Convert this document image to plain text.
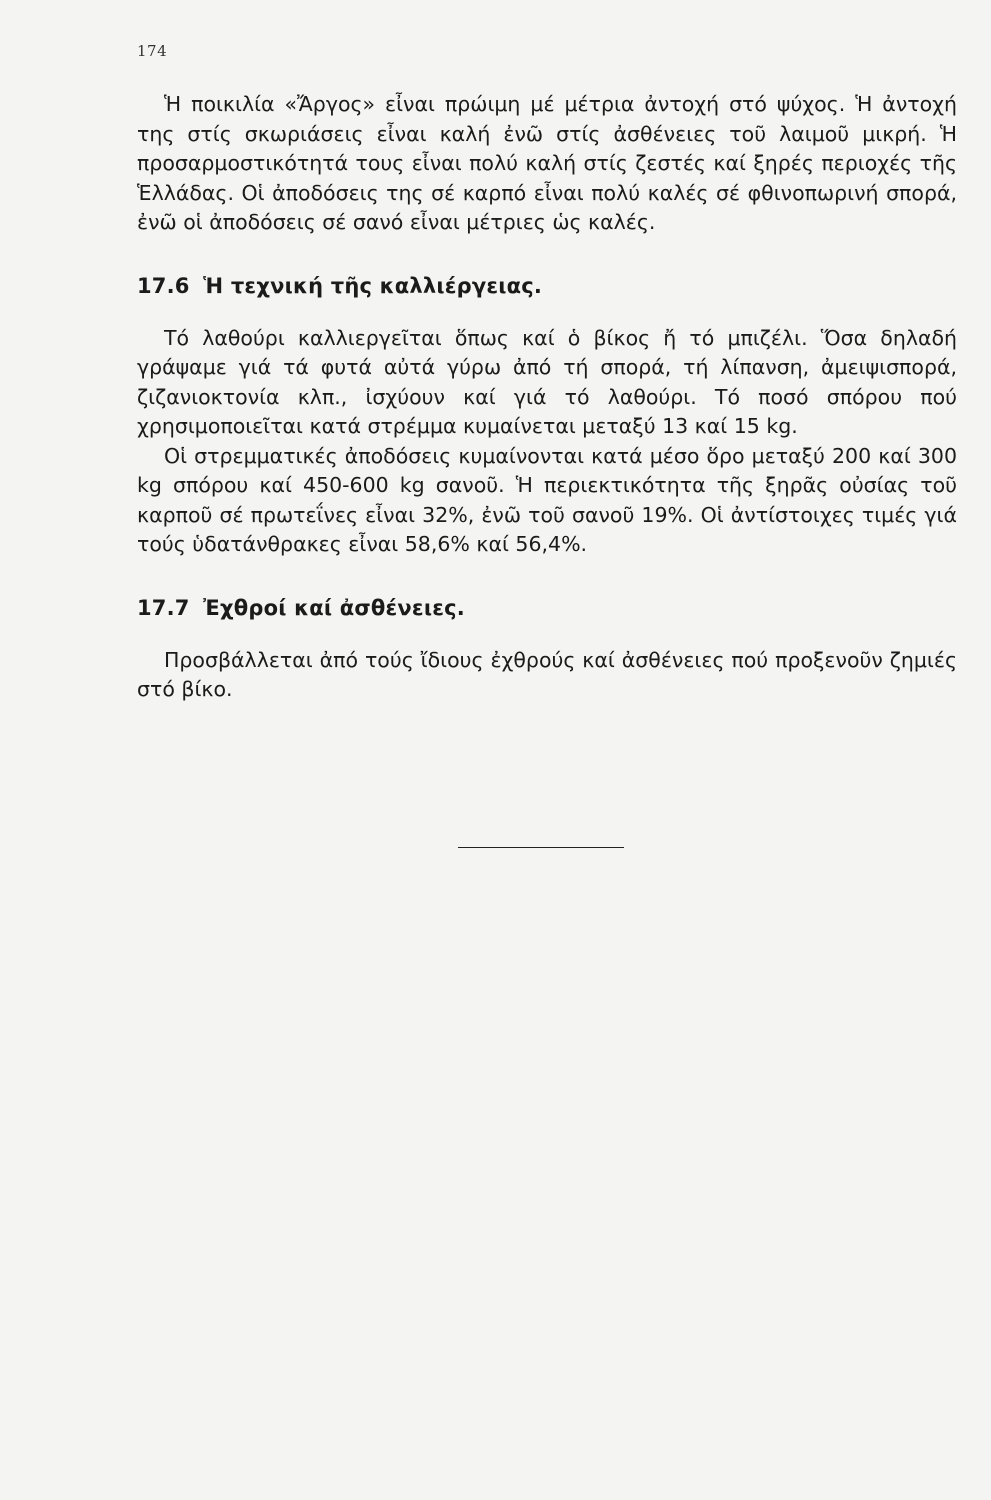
174

Ἡ ποικιλία «Ἄργος» εἶναι πρώιμη μέ μέτρια ἀντοχή στό ψύχος. Ἡ ἀντοχή της στίς σκωριάσεις εἶναι καλή ἐνῶ στίς ἀσθένειες τοῦ λαιμοῦ μικρή. Ἡ προσαρμοστικότητά τους εἶναι πολύ καλή στίς ζεστές καί ξηρές περιοχές τῆς Ἑλλάδας. Οἱ ἀποδόσεις της σέ καρπό εἶναι πολύ καλές σέ φθινοπωρινή σπορά, ἐνῶ οἱ ἀποδόσεις σέ σανό εἶναι μέτριες ὡς καλές.

17.6 Ἡ τεχνική τῆς καλλιέργειας.

Τό λαθούρι καλλιεργεῖται ὅπως καί ὁ βίκος ἤ τό μπιζέλι. Ὅσα δηλαδή γράψαμε γιά τά φυτά αὐτά γύρω ἀπό τή σπορά, τή λίπανση, ἀμειψισπορά, ζιζανιοκτονία κλπ., ἰσχύουν καί γιά τό λαθούρι. Τό ποσό σπόρου πού χρησιμοποιεῖται κατά στρέμμα κυμαίνεται μεταξύ 13 καί 15 kg.

Οἱ στρεμματικές ἀποδόσεις κυμαίνονται κατά μέσο ὅρο μεταξύ 200 καί 300 kg σπόρου καί 450-600 kg σανοῦ. Ἡ περιεκτικότητα τῆς ξηρᾶς οὐσίας τοῦ καρποῦ σέ πρωτεΐνες εἶναι 32%, ἐνῶ τοῦ σανοῦ 19%. Οἱ ἀντίστοιχες τιμές γιά τούς ὑδατάνθρακες εἶναι 58,6% καί 56,4%.

17.7 Ἐχθροί καί ἀσθένειες.

Προσβάλλεται ἀπό τούς ἴδιους ἐχθρούς καί ἀσθένειες πού προξενοῦν ζημιές στό βίκο.
